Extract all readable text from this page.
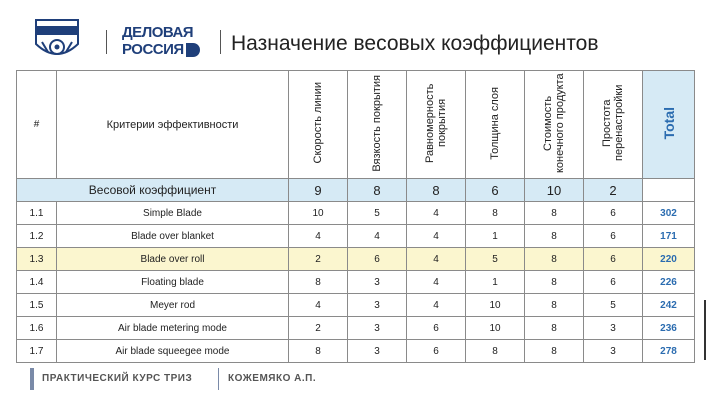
ДЕЛОВАЯ
РОССИЯ Назначение весовых коэффициентов
#	Критерии эффективности	Скорость линии	Вязкость покрытия	Равномерность покрытия	Толщина слоя	Стоимость конечного продукта	Простота перенастройки	Total
Весовой коэффициент		9	8	8	6	10	2	
1.1	Simple Blade	10	5	4	8	8	6	302
1.2	Blade over blanket	4	4	4	1	8	6	171
1.3	Blade over roll	2	6	4	5	8	6	220
1.4	Floating blade	8	3	4	1	8	6	226
1.5	Meyer rod	4	3	4	10	8	5	242
1.6	Air blade metering mode	2	3	6	10	8	3	236
1.7	Air blade squeegee mode	8	3	6	8	8	3	278
ПРАКТИЧЕСКИЙ КУРС ТРИЗ	КОЖЕМЯКО А.П.
